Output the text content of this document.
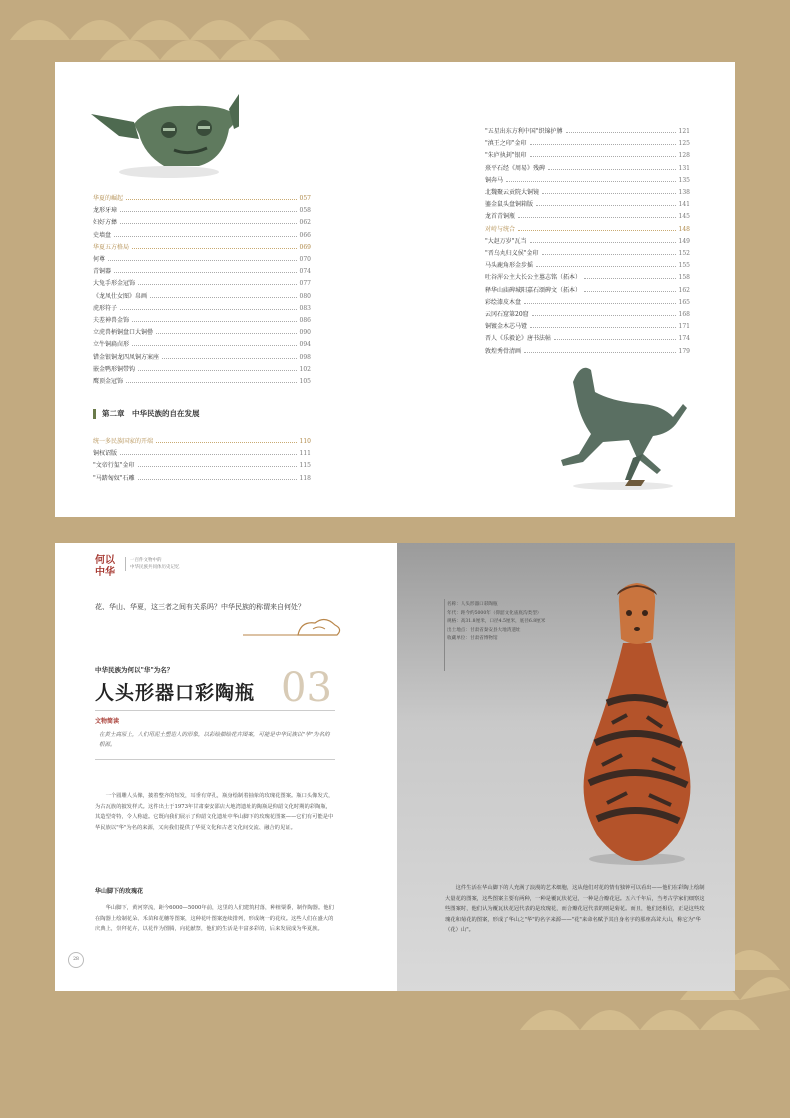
华夏的崛起	057
龙形牙璋	058
妇好方彝	062
史墙盘	066
华夏五方格局	069
何尊	070
青铜器	074
大兔手形金冠饰	077
《龙凤仕女图》帛画	080
虎形符子	083
夫差神兽金饰	086
立虎兽柄铜盘口大铜罍	090
立牛铜扁卣形	094
错金银铜龙四凤铜方案座	098
嵌金鸭形铜带钩	102
鹰顶金冠饰	105
第二章　中华民族的自在发展
统一多民族国家的开端	110
铜权诏版	111
"文帝行玺"金印	115
"马踏匈奴"石雕	118
"五星出东方利中国"织锦护膊	121
"滇王之印"金印	125
"朱庐执刲"银印	128
熹平石经《周易》残碑	131
铜奔马	135
北魏聚云贡院大铜镜	138
鎏金鼠头盘铜箱版	141
龙首青铜瓶	145
对峙与统合	148
"大赵万岁"瓦当	149
"晋乌丸归义侯"金印	152
马头鹿角形金步摇	155
吐谷浑公主大长公主墓志铭（拓本）	158
释华山庙碑城阳嘉石颂碑文（拓本）	162
彩绘漆皮木盘	165
云冈石窟第20窟	168
铜镀金木芯马镫	171
晋人《乐毅论》唐书法帖	174
敦煌秀骨清画	179
何以中华
一百件文物中的
中华民族共同体历史记忆
花、华山、华夏，这三者之间有关系吗？中华民族的称谓来自何处？
中华民族为何以"华"为名？
人头形器口彩陶瓶 03
文物简读
在黄土高原上，人们用泥土塑造人的形象，以彩绘描绘花卉图案，可能是中华民族以"华"为名的根源。
一个圆雕人头像，披着整齐的短发，耳垂有穿孔，瓶身绘制着抽象的玫瑰花图案。瓶口头像发式，为古瓦族的披发样式。这件出土于1973年甘肃秦安邵店大地湾遗址的陶瓶是仰韶文化时期的彩陶瓶，其造型奇特，令人称道。它既向我们展示了仰韶文化遗址中华山脚下的玫瑰花图案——它们有可能是中华民族以"华"为名的来源，又向我们提供了华夏文化和古老文化间交流、融合的见证。
华山脚下的玫瑰花
华山脚下，黄河穿流，距今6000—5000年前，这里的人们建筑村落，种植粟黍，制作陶器。他们在陶器上绘制花朵、禾苗和花穗等图案，这种花叶图案连续排列，形成统一的花纹。这些人们在盛大的庆典上，崇拜花卉，以花作为图腾，向花献祭，他们的生活是丰富多彩的，后来发展成为华夏族。
28
名称：人头形器口彩陶瓶
年代：距今约5000年（仰韶文化庙底沟类型）
规格：高31.8厘米，口径4.5厘米，底径6.8厘米
出土地点：甘肃省秦安县大地湾遗址
收藏单位：甘肃省博物馆
这件生活在华山脚下的人充满了浪漫的艺术细胞，这从他们对花的情有独钟可以看出——他们在彩陶上绘制大量花的图案，这些图案主要有两种，一种是覆瓦状花冠，一种是合瓣花冠。五六千年后，当考古学家们细察这些图案时，他们认为覆瓦状花冠代表的是玫瑰花，而合瓣花冠代表的则是菊花。而且，他们还相信，正是这些玫瑰花和菊花的图案，形成了华山之"华"的名字来源——"花"来命名赋予其自身名字的那座高耸大山，称它为"华（花）山"。
